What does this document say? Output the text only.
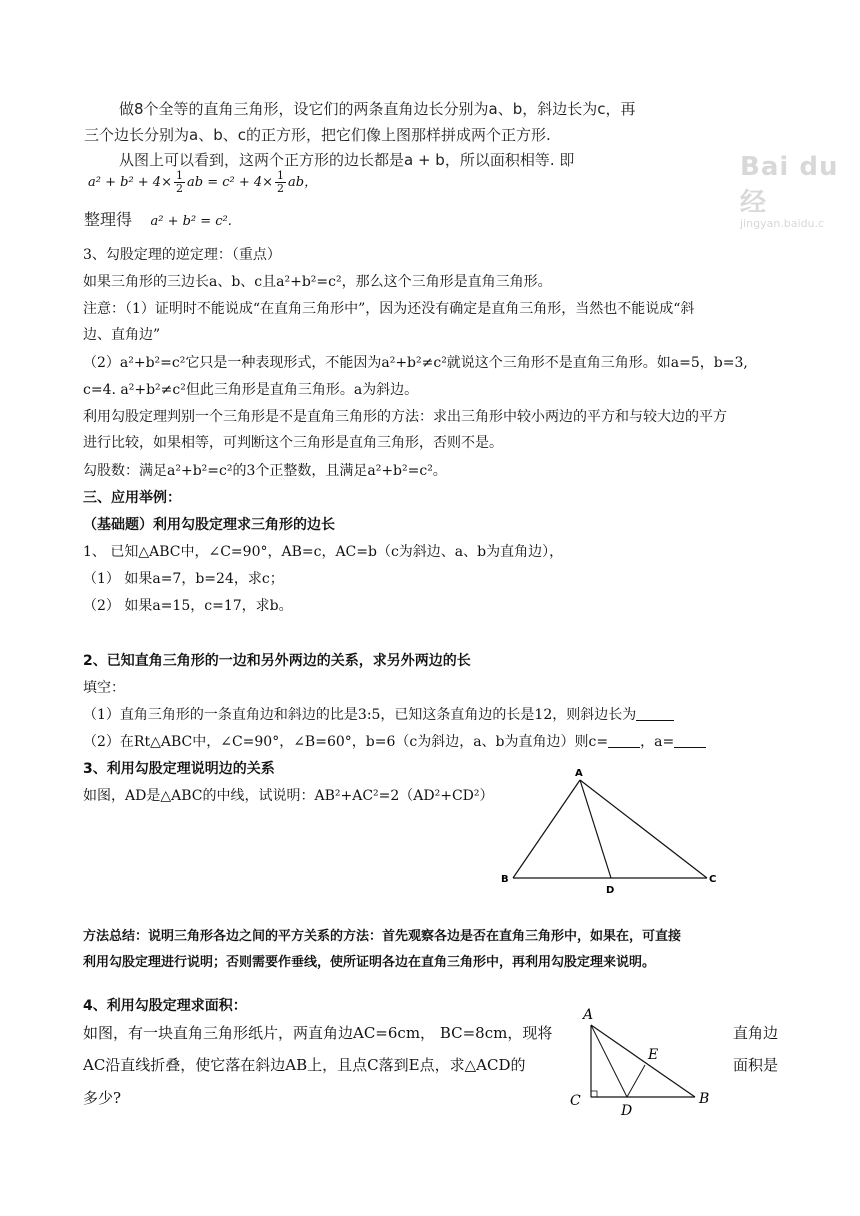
做8个全等的直角三角形，设它们的两条直角边长分别为a、b，斜边长为c，再
三个边长分别为a、b、c的正方形，把它们像上图那样拼成两个正方形.
从图上可以看到，这两个正方形的边长都是a + b，所以面积相等. 即
$a^2 + b^2 + 4\times \frac{1}{2}$ ab = $c^2 + 4\times \frac{1}{2}$ ab，
整理得 a² + b² = c².
Bai du 经
jingyan.baidu.c
3、勾股定理的逆定理：（重点）
如果三角形的三边长a、b、c且a²+b²=c²，那么这个三角形是直角三角形。
注意：（1）证明时不能说成“在直角三角形中”，因为还没有确定是直角三角形，当然也不能说成“斜
边、直角边”
（2）a²+b²=c²它只是一种表现形式，不能因为a²+b²≠c²就说这个三角形不是直角三角形。如a=5，b=3,
c=4. a²+b²≠c²但此三角形是直角三角形。a为斜边。
利用勾股定理判别一个三角形是不是直角三角形的方法：求出三角形中较小两边的平方和与较大边的平方
进行比较，如果相等，可判断这个三角形是直角三角形，否则不是。
勾股数：满足a²+b²=c²的3个正整数，且满足a²+b²=c²。
三、应用举例：
（基础题）利用勾股定理求三角形的边长
1、 已知△ABC中，∠C=90°，AB=c，AC=b（c为斜边、a、b为直角边），
（1） 如果a=7，b=24，求c；
（2） 如果a=15，c=17，求b。
2、已知直角三角形的一边和另外两边的关系，求另外两边的长
填空：
（1）直角三角形的一条直角边和斜边的比是3:5，已知这条直角边的长是12，则斜边长为
（2）在Rt△ABC中，∠C=90°，∠B=60°，b=6（c为斜边，a、b为直角边）则c= ，a=
3、利用勾股定理说明边的关系
如图，AD是△ABC的中线，试说明：AB²+AC²=2（AD²+CD²）
A
B	C
D
方法总结：说明三角形各边之间的平方关系的方法：首先观察各边是否在直角三角形中，如果在，可直接
利用勾股定理进行说明；否则需要作垂线，使所证明各边在直角三角形中，再利用勾股定理来说明。
4、利用勾股定理求面积：
如图，有一块直角三角形纸片，两直角边AC=6cm， BC=8cm，现将	直角边
AC沿直线折叠，使它落在斜边AB上，且点C落到E点，求△ACD的	面积是
多少?
A
C	B
D
E
